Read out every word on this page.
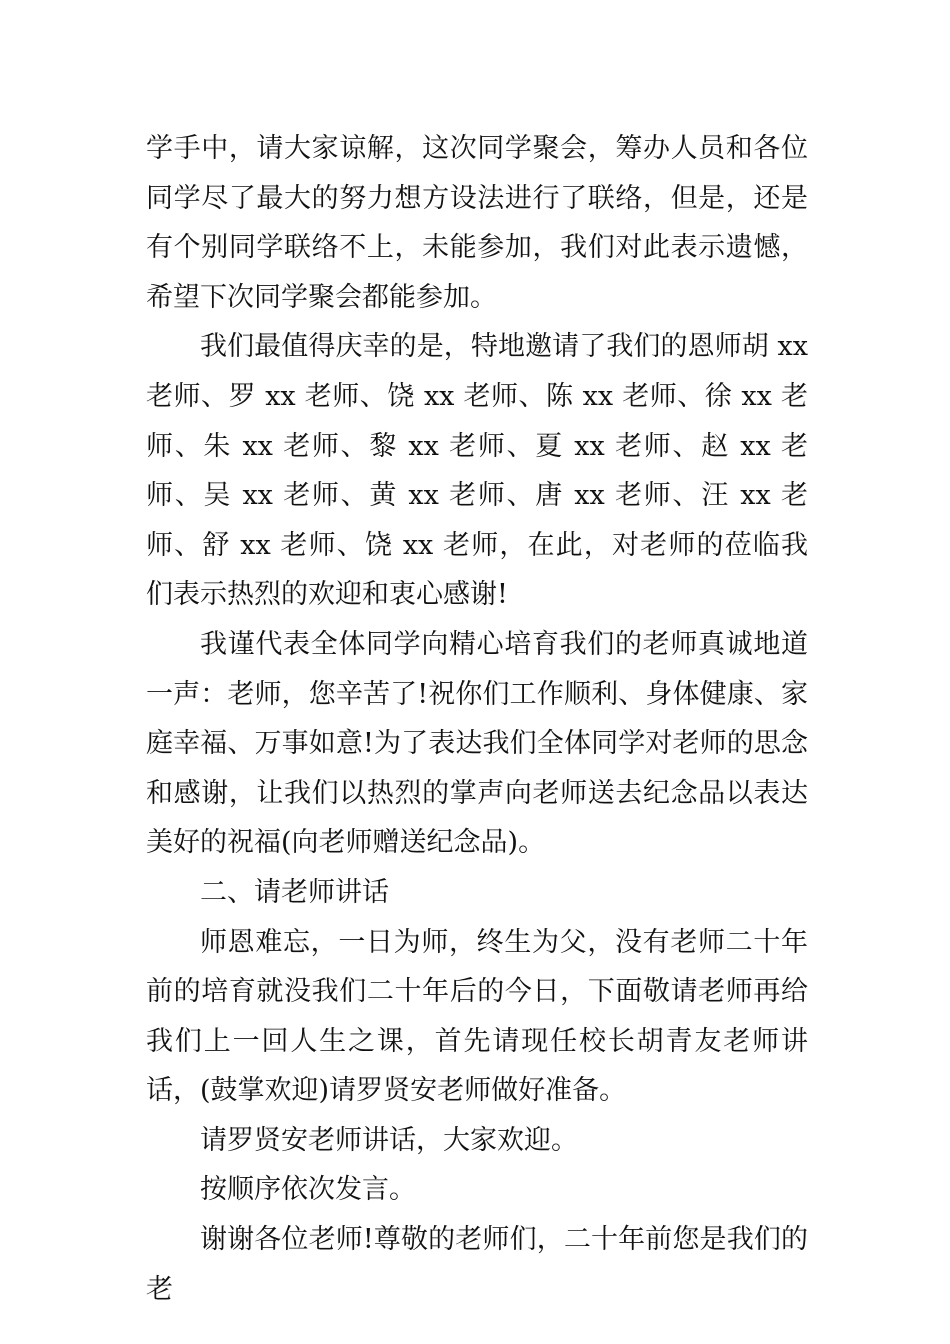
学手中，请大家谅解，这次同学聚会，筹办人员和各位同学尽了最大的努力想方设法进行了联络，但是，还是有个别同学联络不上，未能参加，我们对此表示遗憾，希望下次同学聚会都能参加。

我们最值得庆幸的是，特地邀请了我们的恩师胡 xx 老师、罗 xx 老师、饶 xx 老师、陈 xx 老师、徐 xx 老师、朱 xx 老师、黎 xx 老师、夏 xx 老师、赵 xx 老师、吴 xx 老师、黄 xx 老师、唐 xx 老师、汪 xx 老师、舒 xx 老师、饶 xx 老师，在此，对老师的莅临我们表示热烈的欢迎和衷心感谢!

我谨代表全体同学向精心培育我们的老师真诚地道一声：老师，您辛苦了!祝你们工作顺利、身体健康、家庭幸福、万事如意!为了表达我们全体同学对老师的思念和感谢，让我们以热烈的掌声向老师送去纪念品以表达美好的祝福(向老师赠送纪念品)。

二、请老师讲话

师恩难忘，一日为师，终生为父，没有老师二十年前的培育就没我们二十年后的今日，下面敬请老师再给我们上一回人生之课，首先请现任校长胡青友老师讲话，(鼓掌欢迎)请罗贤安老师做好准备。

请罗贤安老师讲话，大家欢迎。

按顺序依次发言。

谢谢各位老师!尊敬的老师们，二十年前您是我们的老
